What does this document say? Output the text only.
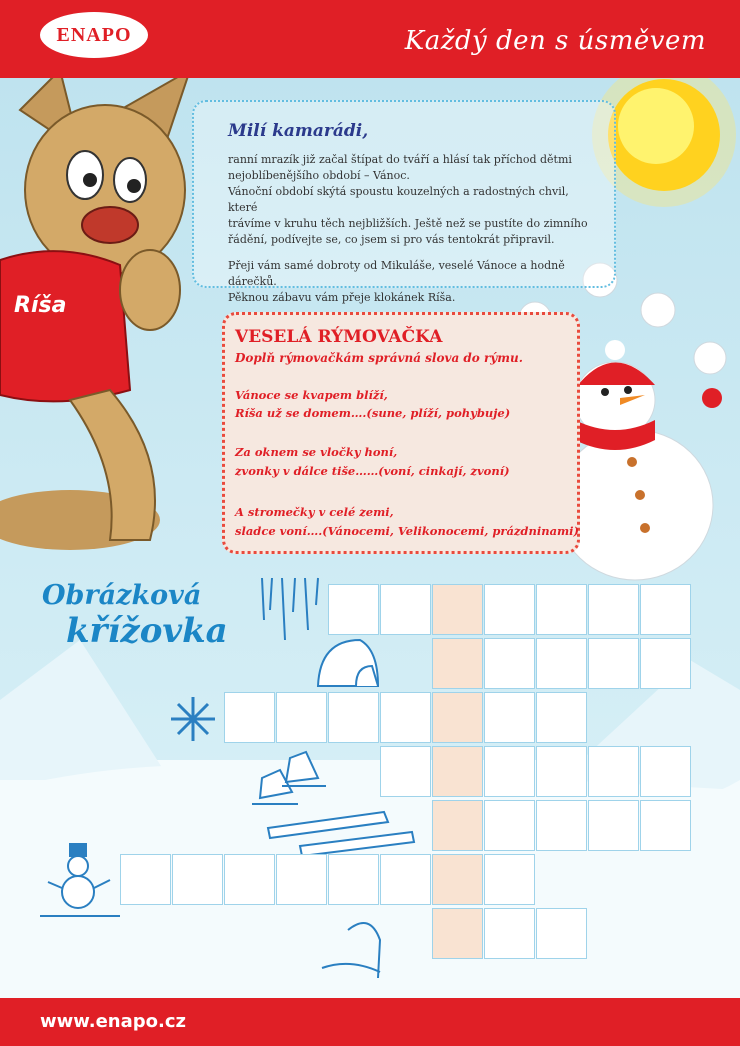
Ríša
ENAPO	Každý den s úsměvem
Milí kamarádi,

ranní mrazík již začal štípat do tváří a hlásí tak příchod dětmi

nejoblíbenějšího období – Vánoc.

Vánoční období skýtá spoustu kouzelných a radostných chvil, které

trávíme v kruhu těch nejbližších. Ještě než se pustíte do zimního

řádění, podívejte se, co jsem si pro vás tentokrát připravil.

Přeji vám samé dobroty od Mikuláše, veselé Vánoce a hodně dárečků.

Pěknou zábavu vám přeje klokánek Ríša.

VESELÁ RÝMOVAČKA
Doplň rýmovačkám správná slova do rýmu.
Vánoce se kvapem blíží,
Ríša už se domem….(sune, plíží, pohybuje)
Za oknem se vločky honí,
zvonky v dálce tiše……(voní, cinkají, zvoní)
A stromečky v celé zemi,
sladce voní….(Vánocemi, Velikonocemi, prázdninami)
Obrázková
křížovka
www.enapo.cz
